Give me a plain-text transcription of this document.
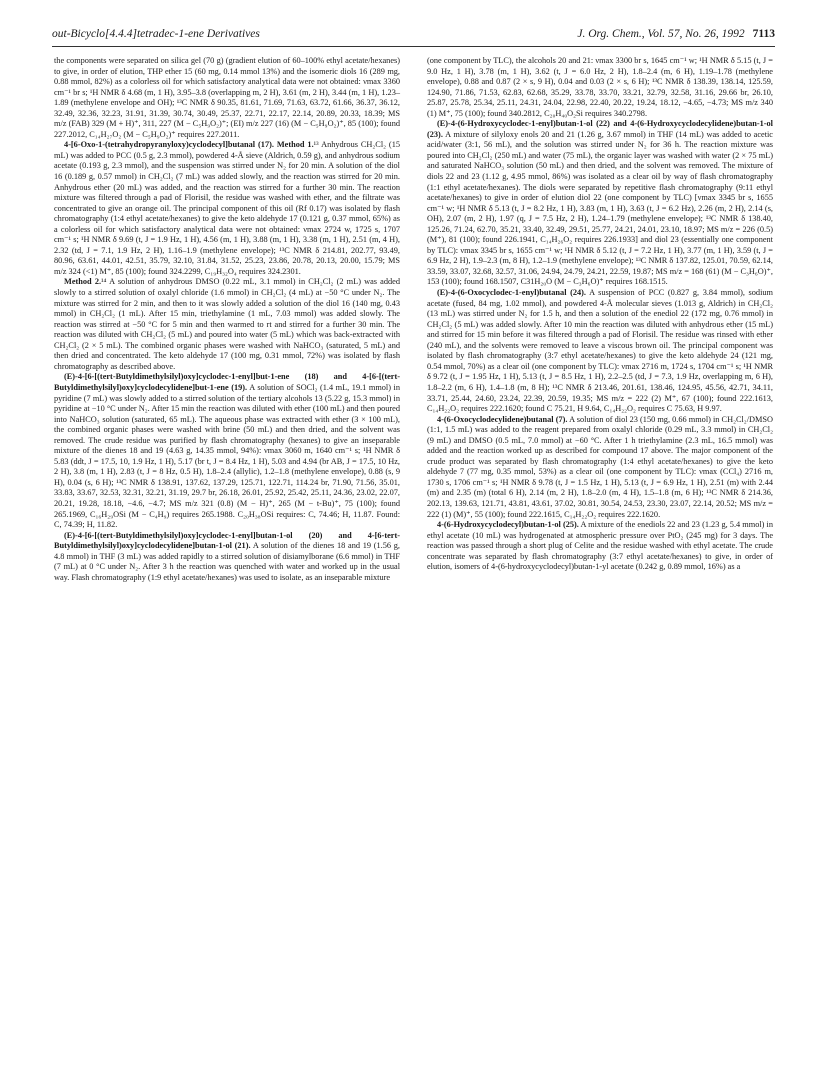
out-Bicyclo[4.4.4]tetradec-1-ene Derivatives	J. Org. Chem., Vol. 57, No. 26, 1992 7113

the components were separated on silica gel (70 g) (gradient elution of 60–100% ethyl acetate/hexanes) to give, in order of elution, THP ether 15 (60 mg, 0.14 mmol 13%) and the isomeric diols 16 (289 mg, 0.88 mmol, 82%) as a colorless oil for which satisfactory analytical data were not obtained: νmax 3360 cm⁻¹ br s; ¹H NMR δ 4.68 (m, 1 H), 3.95–3.8 (overlapping m, 2 H), 3.61 (m, 2 H), 3.44 (m, 1 H), 1.23–1.89 (methylene envelope and OH); ¹³C NMR δ 90.35, 81.61, 71.69, 71.63, 63.72, 61.66, 36.37, 36.12, 32.49, 32.36, 32.23, 31.91, 31.39, 30.74, 30.49, 25.37, 22.71, 22.17, 22.14, 20.89, 20.33, 18.39; MS m/z (FAB) 329 (M + H)⁺, 311, 227 (M − C₅H₉O₂)⁺; (EI) m/z 227 (16) (M − C₅H₉O₂)⁺, 85 (100); found 227.2012, C₁₄H₂₇O₂ (M − C₅H₉O₂)⁺ requires 227.2011.

4-[6-Oxo-1-(tetrahydropyranyloxy)cyclodecyl]butanal (17). Method 1.¹³ Anhydrous CH₂Cl₂ (15 mL) was added to PCC (0.5 g, 2.3 mmol), powdered 4-Å sieve (Aldrich, 0.59 g), and anhydrous sodium acetate (0.193 g, 2.3 mmol), and the suspension was stirred under N₂ for 20 min. A solution of the diol 16 (0.189 g, 0.57 mmol) in CH₂Cl₂ (7 mL) was added slowly, and the reaction was stirred for 20 min. Anhydrous ether (20 mL) was added, and the reaction was stirred for a further 30 min. The reaction mixture was filtered through a pad of Florisil, the residue was washed with ether, and the filtrate was concentrated to give an orange oil. The principal component of this oil (Rf 0.17) was isolated by flash chromatography (1:4 ethyl acetate/hexanes) to give the keto aldehyde 17 (0.121 g, 0.37 mmol, 65%) as a colorless oil for which satisfactory analytical data were not obtained: νmax 2724 w, 1725 s, 1707 cm⁻¹ s; ¹H NMR δ 9.69 (t, J = 1.9 Hz, 1 H), 4.56 (m, 1 H), 3.88 (m, 1 H), 3.38 (m, 1 H), 2.51 (m, 4 H), 2.32 (td, J = 7.1, 1.9 Hz, 2 H), 1.16–1.9 (methylene envelope); ¹³C NMR δ 214.81, 202.77, 93.49, 80.96, 63.61, 44.01, 42.51, 35.79, 32.10, 31.84, 31.52, 25.23, 23.86, 20.78, 20.13, 20.00, 15.79; MS m/z 324 (<1) M⁺, 85 (100); found 324.2299, C₁₉H₃₂O₄ requires 324.2301.

Method 2.¹⁴ A solution of anhydrous DMSO (0.22 mL, 3.1 mmol) in CH₂Cl₂ (2 mL) was added slowly to a stirred solution of oxalyl chloride (1.6 mmol) in CH₂Cl₂ (4 mL) at −50 °C under N₂. The mixture was stirred for 2 min, and then to it was slowly added a solution of the diol 16 (140 mg, 0.43 mmol) in CH₂Cl₂ (1 mL). After 15 min, triethylamine (1 mL, 7.03 mmol) was added slowly. The reaction was stirred at −50 °C for 5 min and then warmed to rt and stirred for a further 30 min. The reaction was diluted with CH₂Cl₂ (5 mL) and poured into water (5 mL) which was back-extracted with CH₂Cl₂ (2 × 5 mL). The combined organic phases were washed with NaHCO₃ (saturated, 5 mL) and then dried and concentrated. The keto aldehyde 17 (100 mg, 0.31 mmol, 72%) was isolated by flash chromatography as described above.

(E)-4-[6-[(tert-Butyldimethylsilyl)oxy]cyclodec-1-enyl]but-1-ene (18) and 4-[6-[(tert-Butyldimethylsilyl)oxy]cyclodecylidene]but-1-ene (19). A solution of SOCl₂ (1.4 mL, 19.1 mmol) in pyridine (7 mL) was slowly added to a stirred solution of the tertiary alcohols 13 (5.22 g, 15.3 mmol) in pyridine at −10 °C under N₂. After 15 min the reaction was diluted with ether (100 mL) and then poured into NaHCO₃ solution (saturated, 65 mL). The aqueous phase was extracted with ether (3 × 100 mL), the combined organic phases were washed with brine (50 mL) and then dried, and the solvent was removed. The crude residue was purified by flash chromatography (hexanes) to give an inseparable mixture of the dienes 18 and 19 (4.63 g, 14.35 mmol, 94%): νmax 3060 m, 1640 cm⁻¹ s; ¹H NMR δ 5.83 (ddt, J = 17.5, 10, 1.9 Hz, 1 H), 5.17 (br t, J = 8.4 Hz, 1 H), 5.03 and 4.94 (br AB, J = 17.5, 10 Hz, 2 H), 3.8 (m, 1 H), 2.83 (t, J = 8 Hz, 0.5 H), 1.8–2.4 (allylic), 1.2–1.8 (methylene envelope), 0.88 (s, 9 H), 0.04 (s, 6 H); ¹³C NMR δ 138.91, 137.62, 137.29, 125.71, 122.71, 114.24 br, 71.90, 71.56, 35.01, 33.83, 33.67, 32.53, 32.31, 32.21, 31.19, 29.7 br, 26.18, 26.01, 25.92, 25.42, 25.11, 24.36, 23.02, 22.07, 20.21, 19.28, 18.18, −4.6, −4.7; MS m/z 321 (0.8) (M − H)⁺, 265 (M − t-Bu)⁺, 75 (100); found 265.1969, C₁₆H₂₉OSi (M − C₄H₉) requires 265.1988. C₂₀H₃₈OSi requires: C, 74.46; H, 11.87. Found: C, 74.39; H, 11.82.

(E)-4-[6-[(tert-Butyldimethylsilyl)oxy]cyclodec-1-enyl]butan-1-ol (20) and 4-[6-tert-Butyldimethylsilyl)oxy]cyclodecylidene]butan-1-ol (21). A solution of the dienes 18 and 19 (1.56 g, 4.8 mmol) in THF (3 mL) was added rapidly to a stirred solution of disiamylborane (6.6 mmol) in THF (7 mL) at 0 °C under N₂. After 3 h the reaction was quenched with water and worked up in the usual way. Flash chromatography (1:9 ethyl acetate/hexanes) was used to isolate, as an inseparable mixture

(one component by TLC), the alcohols 20 and 21: νmax 3300 br s, 1645 cm⁻¹ w; ¹H NMR δ 5.15 (t, J = 9.0 Hz, 1 H), 3.78 (m, 1 H), 3.62 (t, J = 6.0 Hz, 2 H), 1.8–2.4 (m, 6 H), 1.19–1.78 (methylene envelope), 0.88 and 0.87 (2 × s, 9 H), 0.04 and 0.03 (2 × s, 6 H); ¹³C NMR δ 138.39, 138.14, 125.59, 124.90, 71.86, 71.53, 62.83, 62.68, 35.29, 33.78, 33.70, 33.21, 32.79, 32.58, 31.16, 29.66 br, 26.10, 25.87, 25.78, 25.34, 25.11, 24.31, 24.04, 22.98, 22.40, 20.22, 19.24, 18.12, −4.65, −4.73; MS m/z 340 (1) M⁺, 75 (100); found 340.2812, C₂₀H₄₀O₂Si requires 340.2798.

(E)-4-(6-Hydroxycyclodec-1-enyl)butan-1-ol (22) and 4-(6-Hydroxycyclodecylidene)butan-1-ol (23). A mixture of silyloxy enols 20 and 21 (1.26 g, 3.67 mmol) in THF (14 mL) was added to acetic acid/water (3:1, 56 mL), and the solution was stirred under N₂ for 36 h. The reaction mixture was poured into CH₂Cl₂ (250 mL) and water (75 mL), the organic layer was washed with water (2 × 75 mL) and saturated NaHCO₃ solution (50 mL) and then dried, and the solvent was removed. The mixture of diols 22 and 23 (1.12 g, 4.95 mmol, 86%) was isolated as a clear oil by way of flash chromatography (1:1 ethyl acetate/hexanes). The diols were separated by repetitive flash chromatography (9:11 ethyl acetate/hexanes) to give in order of elution diol 22 (one component by TLC) [νmax 3345 br s, 1655 cm⁻¹ w; ¹H NMR δ 5.13 (t, J = 8.2 Hz, 1 H), 3.83 (m, 1 H), 3.63 (t, J = 6.2 Hz), 2.26 (m, 2 H), 2.14 (s, OH), 2.07 (m, 2 H), 1.97 (q, J = 7.5 Hz, 2 H), 1.24–1.79 (methylene envelope); ¹³C NMR δ 138.40, 125.26, 71.24, 62.70, 35.21, 33.40, 32.49, 29.51, 25.77, 24.21, 24.01, 23.10, 18.97; MS m/z = 226 (0.5) (M⁺), 81 (100); found 226.1941, C₁₄H₂₆O₂ requires 226.1933] and diol 23 (essentially one component by TLC): νmax 3345 br s, 1655 cm⁻¹ w; ¹H NMR δ 5.12 (t, J = 7.2 Hz, 1 H), 3.77 (m, 1 H), 3.59 (t, J = 6.9 Hz, 2 H), 1.9–2.3 (m, 8 H), 1.2–1.9 (methylene envelope); ¹³C NMR δ 137.82, 125.01, 70.59, 62.14, 33.59, 33.07, 32.68, 32.57, 31.06, 24.94, 24.79, 24.21, 22.59, 19.87; MS m/z = 168 (61) (M − C₃H₆O)⁺, 153 (100); found 168.1507, C31H₂₀O (M − C₃H₆O)⁺ requires 168.1515.

(E)-4-(6-Oxocyclodec-1-enyl)butanal (24). A suspension of PCC (0.827 g, 3.84 mmol), sodium acetate (fused, 84 mg, 1.02 mmol), and powdered 4-Å molecular sieves (1.013 g, Aldrich) in CH₂Cl₂ (13 mL) was stirred under N₂ for 1.5 h, and then a solution of the enediol 22 (172 mg, 0.76 mmol) in CH₂Cl₂ (5 mL) was added slowly. After 10 min the reaction was diluted with anhydrous ether (15 mL) and stirred for 15 min before it was filtered through a pad of Florisil. The residue was rinsed with ether (240 mL), and the solvents were removed to leave a viscous brown oil. The principal component was isolated by flash chromatography (3:7 ethyl acetate/hexanes) to give the keto aldehyde 24 (121 mg, 0.54 mmol, 70%) as a clear oil (one component by TLC): νmax 2716 m, 1724 s, 1704 cm⁻¹ s; ¹H NMR δ 9.72 (t, J = 1.95 Hz, 1 H), 5.13 (t, J = 8.5 Hz, 1 H), 2.2–2.5 (td, J = 7.3, 1.9 Hz, overlapping m, 6 H), 1.8–2.2 (m, 6 H), 1.4–1.8 (m, 8 H); ¹³C NMR δ 213.46, 201.61, 138.46, 124.95, 45.56, 42.71, 34.11, 33.71, 25.44, 24.60, 23.24, 22.39, 20.59, 19.35; MS m/z = 222 (2) M⁺, 67 (100); found 222.1613, C₁₄H₂₂O₂ requires 222.1620; found C 75.21, H 9.64, C₁₄H₂₂O₂ requires C 75.63, H 9.97.

4-(6-Oxocyclodecylidene)butanal (7). A solution of diol 23 (150 mg, 0.66 mmol) in CH₂Cl₂/DMSO (1:1, 1.5 mL) was added to the reagent prepared from oxalyl chloride (0.29 mL, 3.3 mmol) in CH₂Cl₂ (9 mL) and DMSO (0.5 mL, 7.0 mmol) at −60 °C. After 1 h triethylamine (2.3 mL, 16.5 mmol) was added and the reaction worked up as described for compound 17 above. The major component of the crude product was separated by flash chromatography (1:4 ethyl acetate/hexanes) to give the keto aldehyde 7 (77 mg, 0.35 mmol, 53%) as a clear oil (one component by TLC): νmax (CCl₄) 2716 m, 1730 s, 1706 cm⁻¹ s; ¹H NMR δ 9.78 (t, J = 1.5 Hz, 1 H), 5.13 (t, J = 6.9 Hz, 1 H), 2.51 (m) with 2.44 (m) and 2.35 (m) (total 6 H), 2.14 (m, 2 H), 1.8–2.0 (m, 4 H), 1.5–1.8 (m, 6 H); ¹³C NMR δ 214.36, 202.13, 139.63, 121.71, 43.81, 43.61, 37.02, 30.81, 30.54, 24.53, 23.30, 23.07, 22.14, 20.52; MS m/z = 222 (1) (M)⁺, 55 (100); found 222.1615, C₁₄H₂₂O₂ requires 222.1620.

4-(6-Hydroxycyclodecyl)butan-1-ol (25). A mixture of the enediols 22 and 23 (1.23 g, 5.4 mmol) in ethyl acetate (10 mL) was hydrogenated at atmospheric pressure over PtO₂ (245 mg) for 3 days. The reaction was passed through a short plug of Celite and the residue washed with ethyl acetate. The crude concentrate was separated by flash chromatography (3:7 ethyl acetate/hexanes) to give, in order of elution, isomers of 4-(6-hydroxycyclodecyl)butan-1-yl acetate (0.242 g, 0.89 mmol, 16%) as a
